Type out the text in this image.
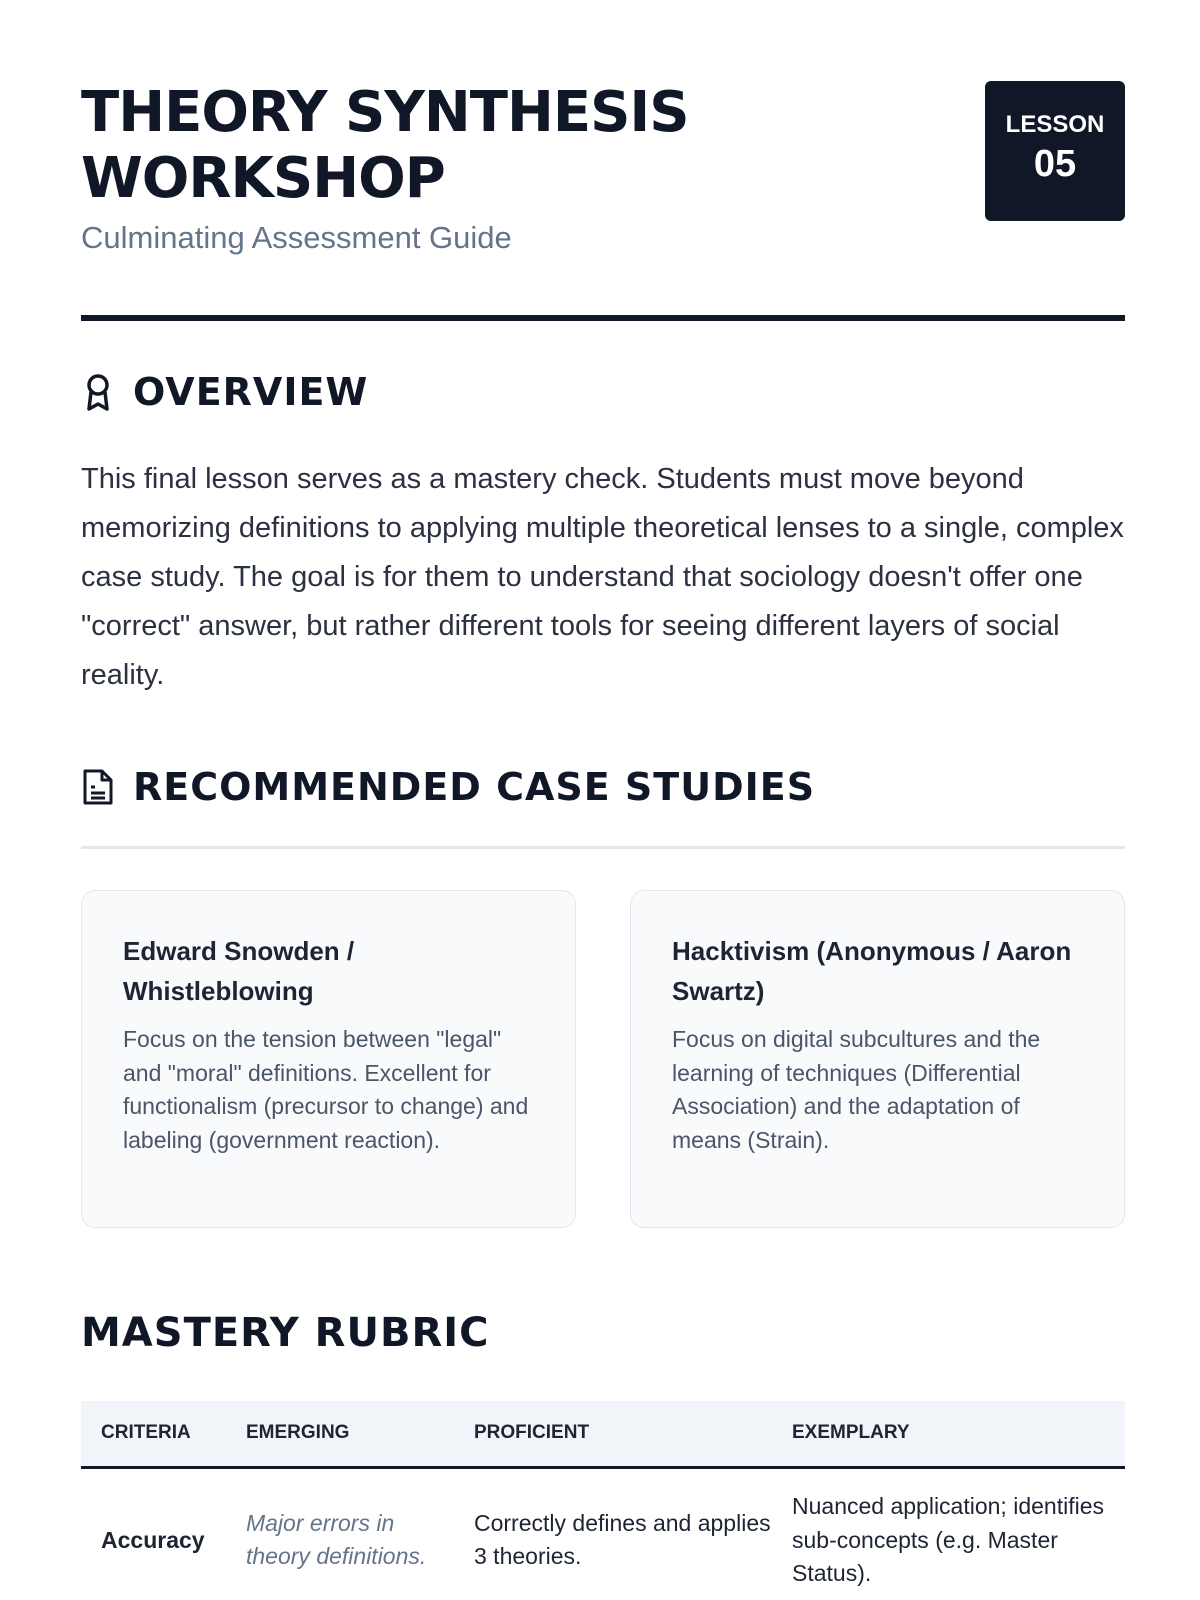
THEORY SYNTHESIS
WORKSHOP
Culminating Assessment Guide
LESSON
05
OVERVIEW

This final lesson serves as a mastery check. Students must move beyond memorizing definitions to applying multiple theoretical lenses to a single, complex case study. The goal is for them to understand that sociology doesn't offer one "correct" answer, but rather different tools for seeing different layers of social reality.

RECOMMENDED CASE STUDIES
Edward Snowden / Whistleblowing

Focus on the tension between "legal" and "moral" definitions. Excellent for functionalism (precursor to change) and labeling (government reaction).

Hacktivism (Anonymous / Aaron Swartz)

Focus on digital subcultures and the learning of techniques (Differential Association) and the adaptation of means (Strain).

MASTERY RUBRIC
CRITERIA	EMERGING	PROFICIENT	EXEMPLARY
Accuracy	Major errors in theory definitions.	Correctly defines and applies 3 theories.	Nuanced application; identifies sub-concepts (e.g. Master Status).
